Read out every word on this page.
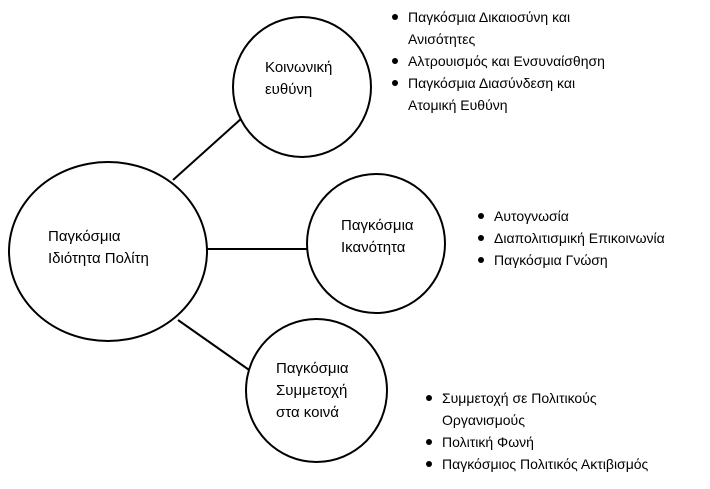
Παγκόσμια
Ιδιότητα Πολίτη
Κοινωνική
ευθύνη
Παγκόσμια
Ικανότητα
Παγκόσμια
Συμμετοχή
στα κοινά
Παγκόσμια Δικαιοσύνη και
Ανισότητες
Αλτρουισμός και Ενσυναίσθηση
Παγκόσμια Διασύνδεση και
Ατομική Ευθύνη
Αυτογνωσία
Διαπολιτισμική Επικοινωνία
Παγκόσμια Γνώση
Συμμετοχή σε Πολιτικούς
Οργανισμούς
Πολιτική Φωνή
Παγκόσμιος Πολιτικός Ακτιβισμός
